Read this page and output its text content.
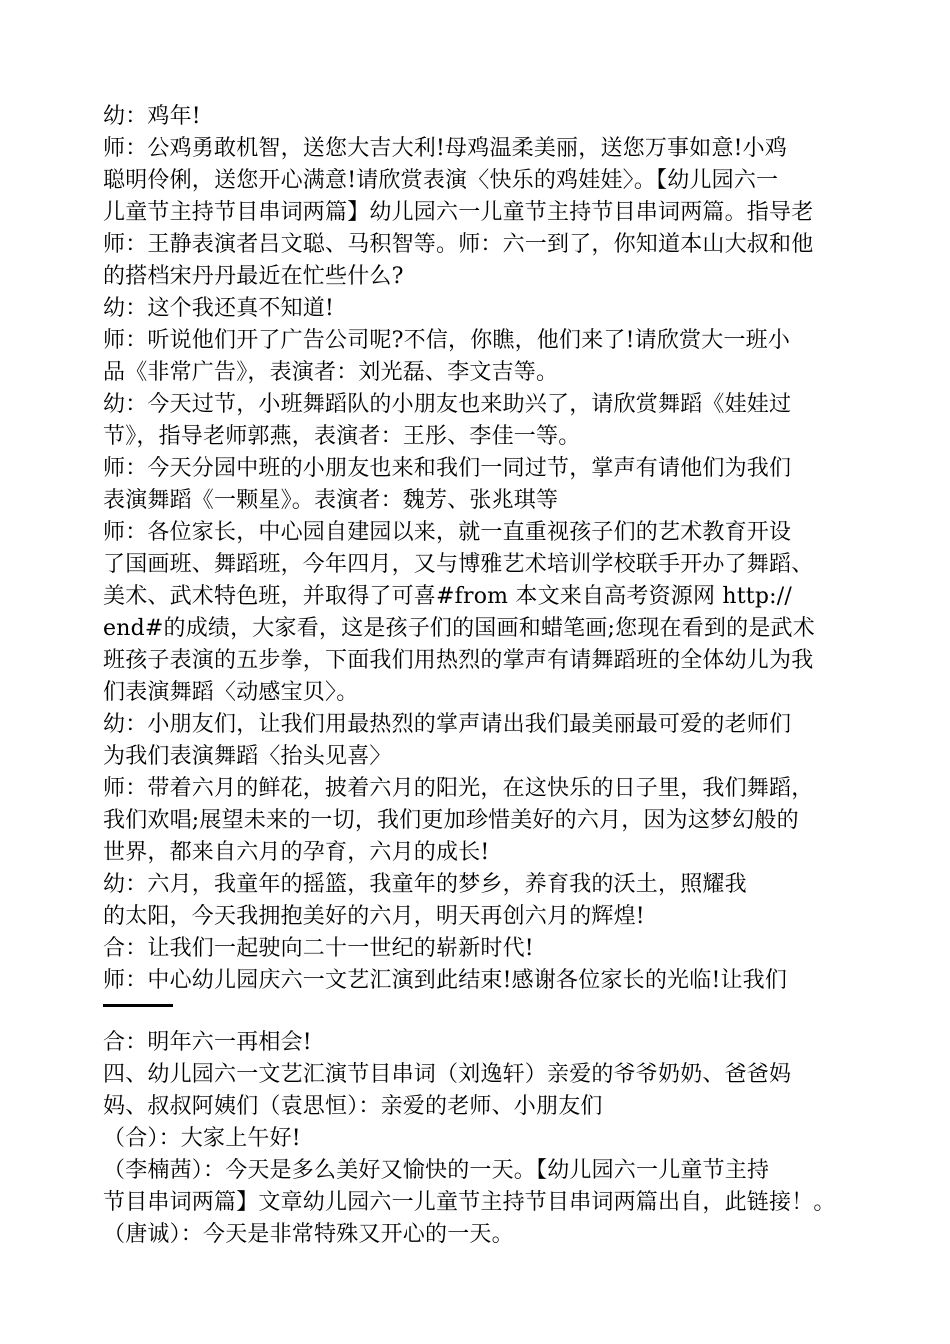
幼：鸡年!
师：公鸡勇敢机智，送您大吉大利!母鸡温柔美丽，送您万事如意!小鸡
聪明伶俐，送您开心满意!请欣赏表演〈快乐的鸡娃娃〉。【幼儿园六一
儿童节主持节目串词两篇】幼儿园六一儿童节主持节目串词两篇。指导老
师：王静表演者吕文聪、马积智等。师：六一到了，你知道本山大叔和他
的搭档宋丹丹最近在忙些什么?
幼：这个我还真不知道!
师：听说他们开了广告公司呢?不信，你瞧，他们来了!请欣赏大一班小
品《非常广告》，表演者：刘光磊、李文吉等。
幼：今天过节，小班舞蹈队的小朋友也来助兴了，请欣赏舞蹈《娃娃过
节》，指导老师郭燕，表演者：王彤、李佳一等。
师：今天分园中班的小朋友也来和我们一同过节，掌声有请他们为我们
表演舞蹈《一颗星》。表演者：魏芳、张兆琪等
师：各位家长，中心园自建园以来，就一直重视孩子们的艺术教育开设
了国画班、舞蹈班，今年四月，又与博雅艺术培训学校联手开办了舞蹈、
美术、武术特色班，并取得了可喜#from 本文来自高考资源网 http://
end#的成绩，大家看，这是孩子们的国画和蜡笔画;您现在看到的是武术
班孩子表演的五步拳，下面我们用热烈的掌声有请舞蹈班的全体幼儿为我
们表演舞蹈〈动感宝贝〉。
幼：小朋友们，让我们用最热烈的掌声请出我们最美丽最可爱的老师们
为我们表演舞蹈〈抬头见喜〉
师：带着六月的鲜花，披着六月的阳光，在这快乐的日子里，我们舞蹈，
我们欢唱;展望未来的一切，我们更加珍惜美好的六月，因为这梦幻般的
世界，都来自六月的孕育，六月的成长!
幼：六月，我童年的摇篮，我童年的梦乡，养育我的沃土，照耀我
的太阳，今天我拥抱美好的六月，明天再创六月的辉煌!
合：让我们一起驶向二十一世纪的崭新时代!
师：中心幼儿园庆六一文艺汇演到此结束!感谢各位家长的光临!让我们
合：明年六一再相会!
四、幼儿园六一文艺汇演节目串词（刘逸轩）亲爱的爷爷奶奶、爸爸妈
妈、叔叔阿姨们（袁思恒）：亲爱的老师、小朋友们
（合）：大家上午好!
（李楠茜）：今天是多么美好又愉快的一天。【幼儿园六一儿童节主持
节目串词两篇】文章幼儿园六一儿童节主持节目串词两篇出自，此链接！。
（唐诚）：今天是非常特殊又开心的一天。
